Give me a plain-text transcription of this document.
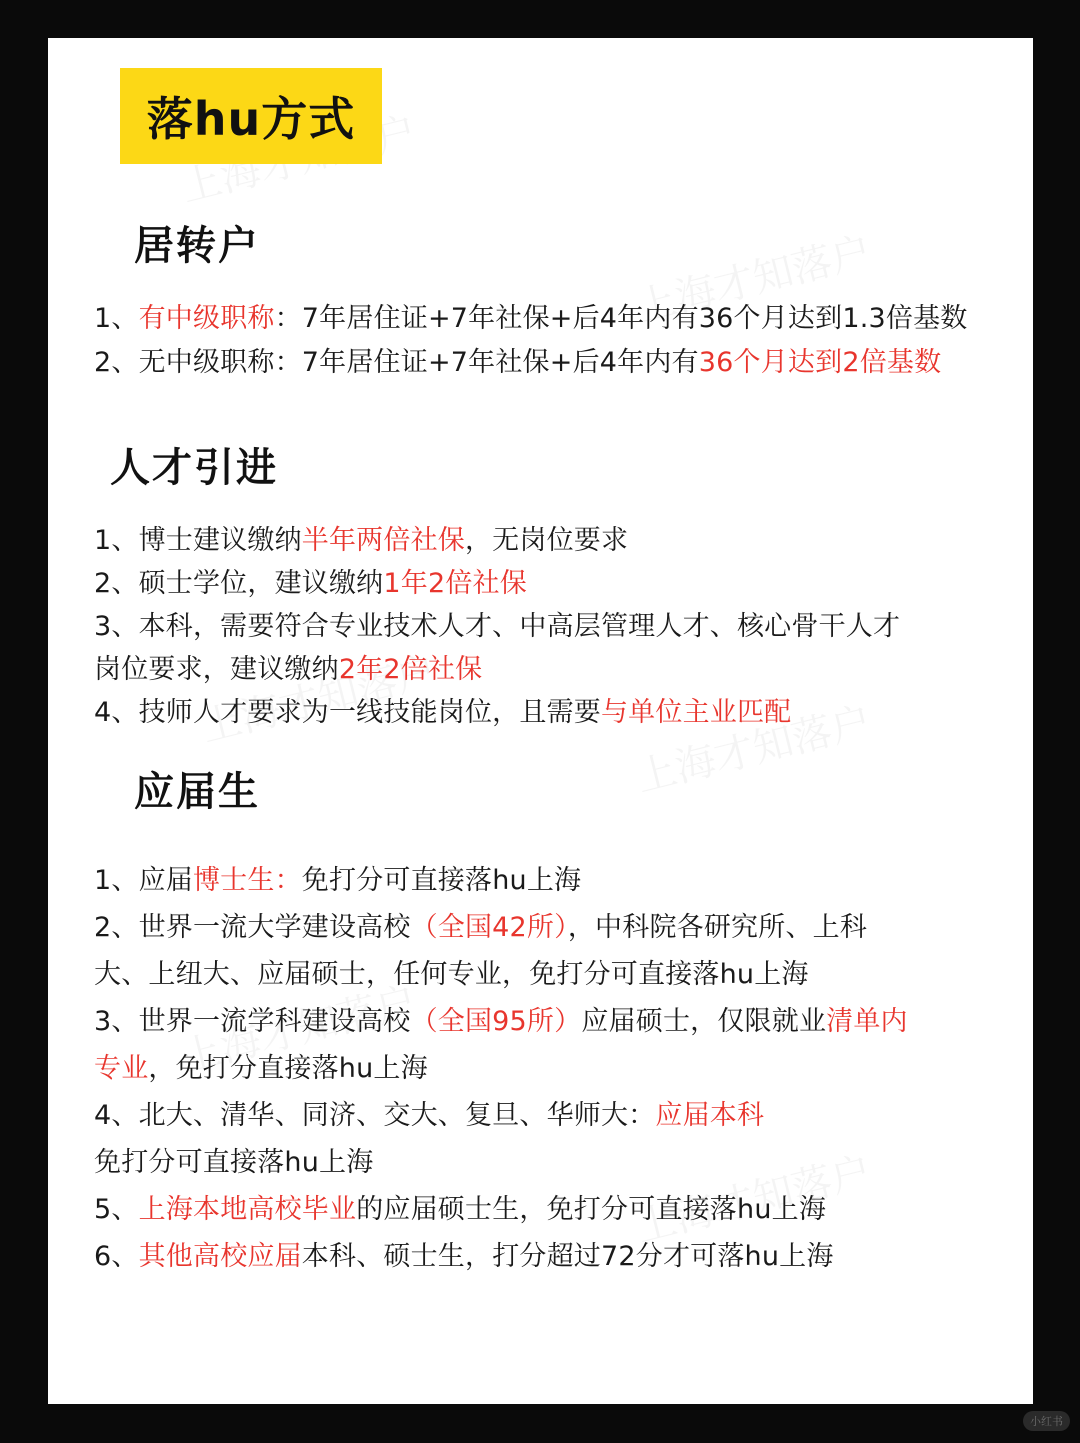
落hu方式
居转户
1、有中级职称：7年居住证+7年社保+后4年内有36个月达到1.3倍基数
2、无中级职称：7年居住证+7年社保+后4年内有36个月达到2倍基数
人才引进
1、博士建议缴纳半年两倍社保，无岗位要求
2、硕士学位，建议缴纳1年2倍社保
3、本科，需要符合专业技术人才、中高层管理人才、核心骨干人才
岗位要求，建议缴纳2年2倍社保
4、技师人才要求为一线技能岗位，且需要与单位主业匹配
应届生
1、应届博士生：免打分可直接落hu上海
2、世界一流大学建设高校（全国42所），中科院各研究所、上科
大、上纽大、应届硕士，任何专业，免打分可直接落hu上海
3、世界一流学科建设高校（全国95所）应届硕士，仅限就业清单内
专业，免打分直接落hu上海
4、北大、清华、同济、交大、复旦、华师大：应届本科
免打分可直接落hu上海
5、上海本地高校毕业的应届硕士生，免打分可直接落hu上海
6、其他高校应届本科、硕士生，打分超过72分才可落hu上海
小红书
